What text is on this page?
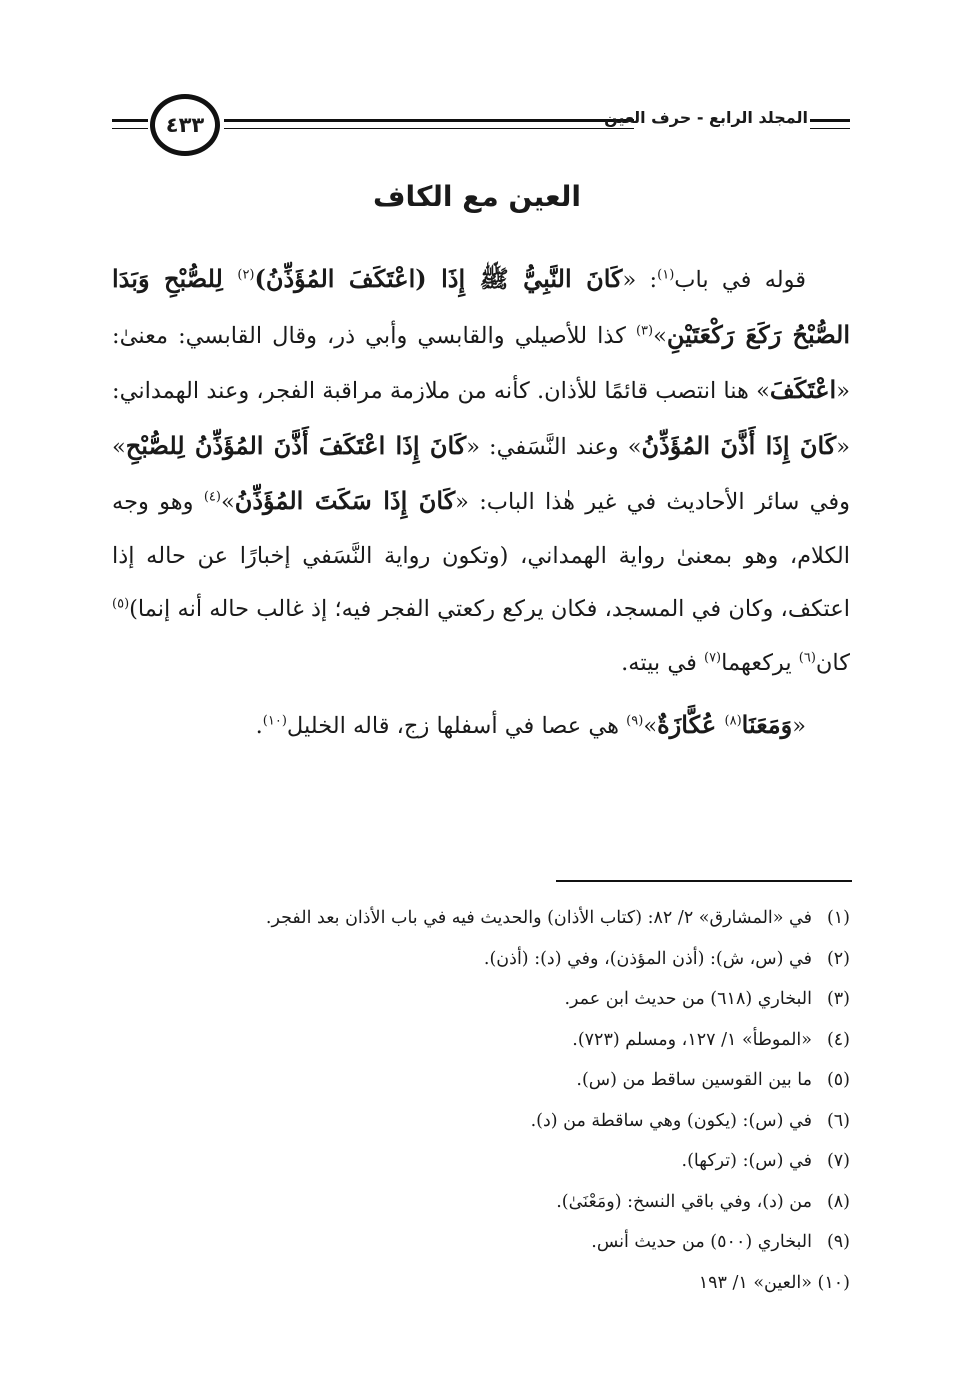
٤٣٣	المجلد الرابع - حرف العين
العين مع الكاف

قوله في باب$^{(١)}$: «كَانَ النَّبِيُّ ﷺ إِذَا (اعْتَكَفَ المُؤَذِّنُ)$^{(٢)}$ لِلصُّبْحِ وَبَدَا الصُّبْحُ رَكَعَ رَكْعَتَيْنِ»$^{(٣)}$ كذا للأصيلي والقابسي وأبي ذر، وقال القابسي: معنىٰ: «اعْتَكَفَ» هنا انتصب قائمًا للأذان. كأنه من ملازمة مراقبة الفجر، وعند الهمداني: «كَانَ إِذَا أَذَّنَ المُؤَذِّنُ» وعند النَّسَفي: «كَانَ إِذَا اعْتَكَفَ أَذَّنَ المُؤَذِّنُ لِلصُّبْحِ» وفي سائر الأحاديث في غير هٰذا الباب: «كَانَ إِذَا سَكَتَ المُؤَذِّنُ»$^{(٤)}$ وهو وجه الكلام، وهو بمعنىٰ رواية الهمداني، (وتكون رواية النَّسَفي إخبارًا عن حاله إذا اعتكف، وكان في المسجد، فكان يركع ركعتي الفجر فيه؛ إذ غالب حاله أنه إنما)$^{(٥)}$ كان$^{(٦)}$ يركعهما$^{(٧)}$ في بيته.

«وَمَعَنَا$^{(٨)}$ عُكَّازَةٌ»$^{(٩)}$ هي عصا في أسفلها زج، قاله الخليل$^{(١٠)}$.

(١)في «المشارق» ٢/ ٨٢: (كتاب الأذان) والحديث فيه في باب الأذان بعد الفجر.
(٢)في (س، ش): (أذن المؤذن)، وفي (د): (أذن).
(٣)البخاري (٦١٨) من حديث ابن عمر.
(٤)«الموطأ» ١/ ١٢٧، ومسلم (٧٢٣).
(٥)ما بين القوسين ساقط من (س).
(٦)في (س): (يكون) وهي ساقطة من (د).
(٧)في (س): (تركها).
(٨)من (د)، وفي باقي النسخ: (ومَعْنَىٰ).
(٩)البخاري (٥٠٠) من حديث أنس.
(١٠)«العين» ١/ ١٩٣
